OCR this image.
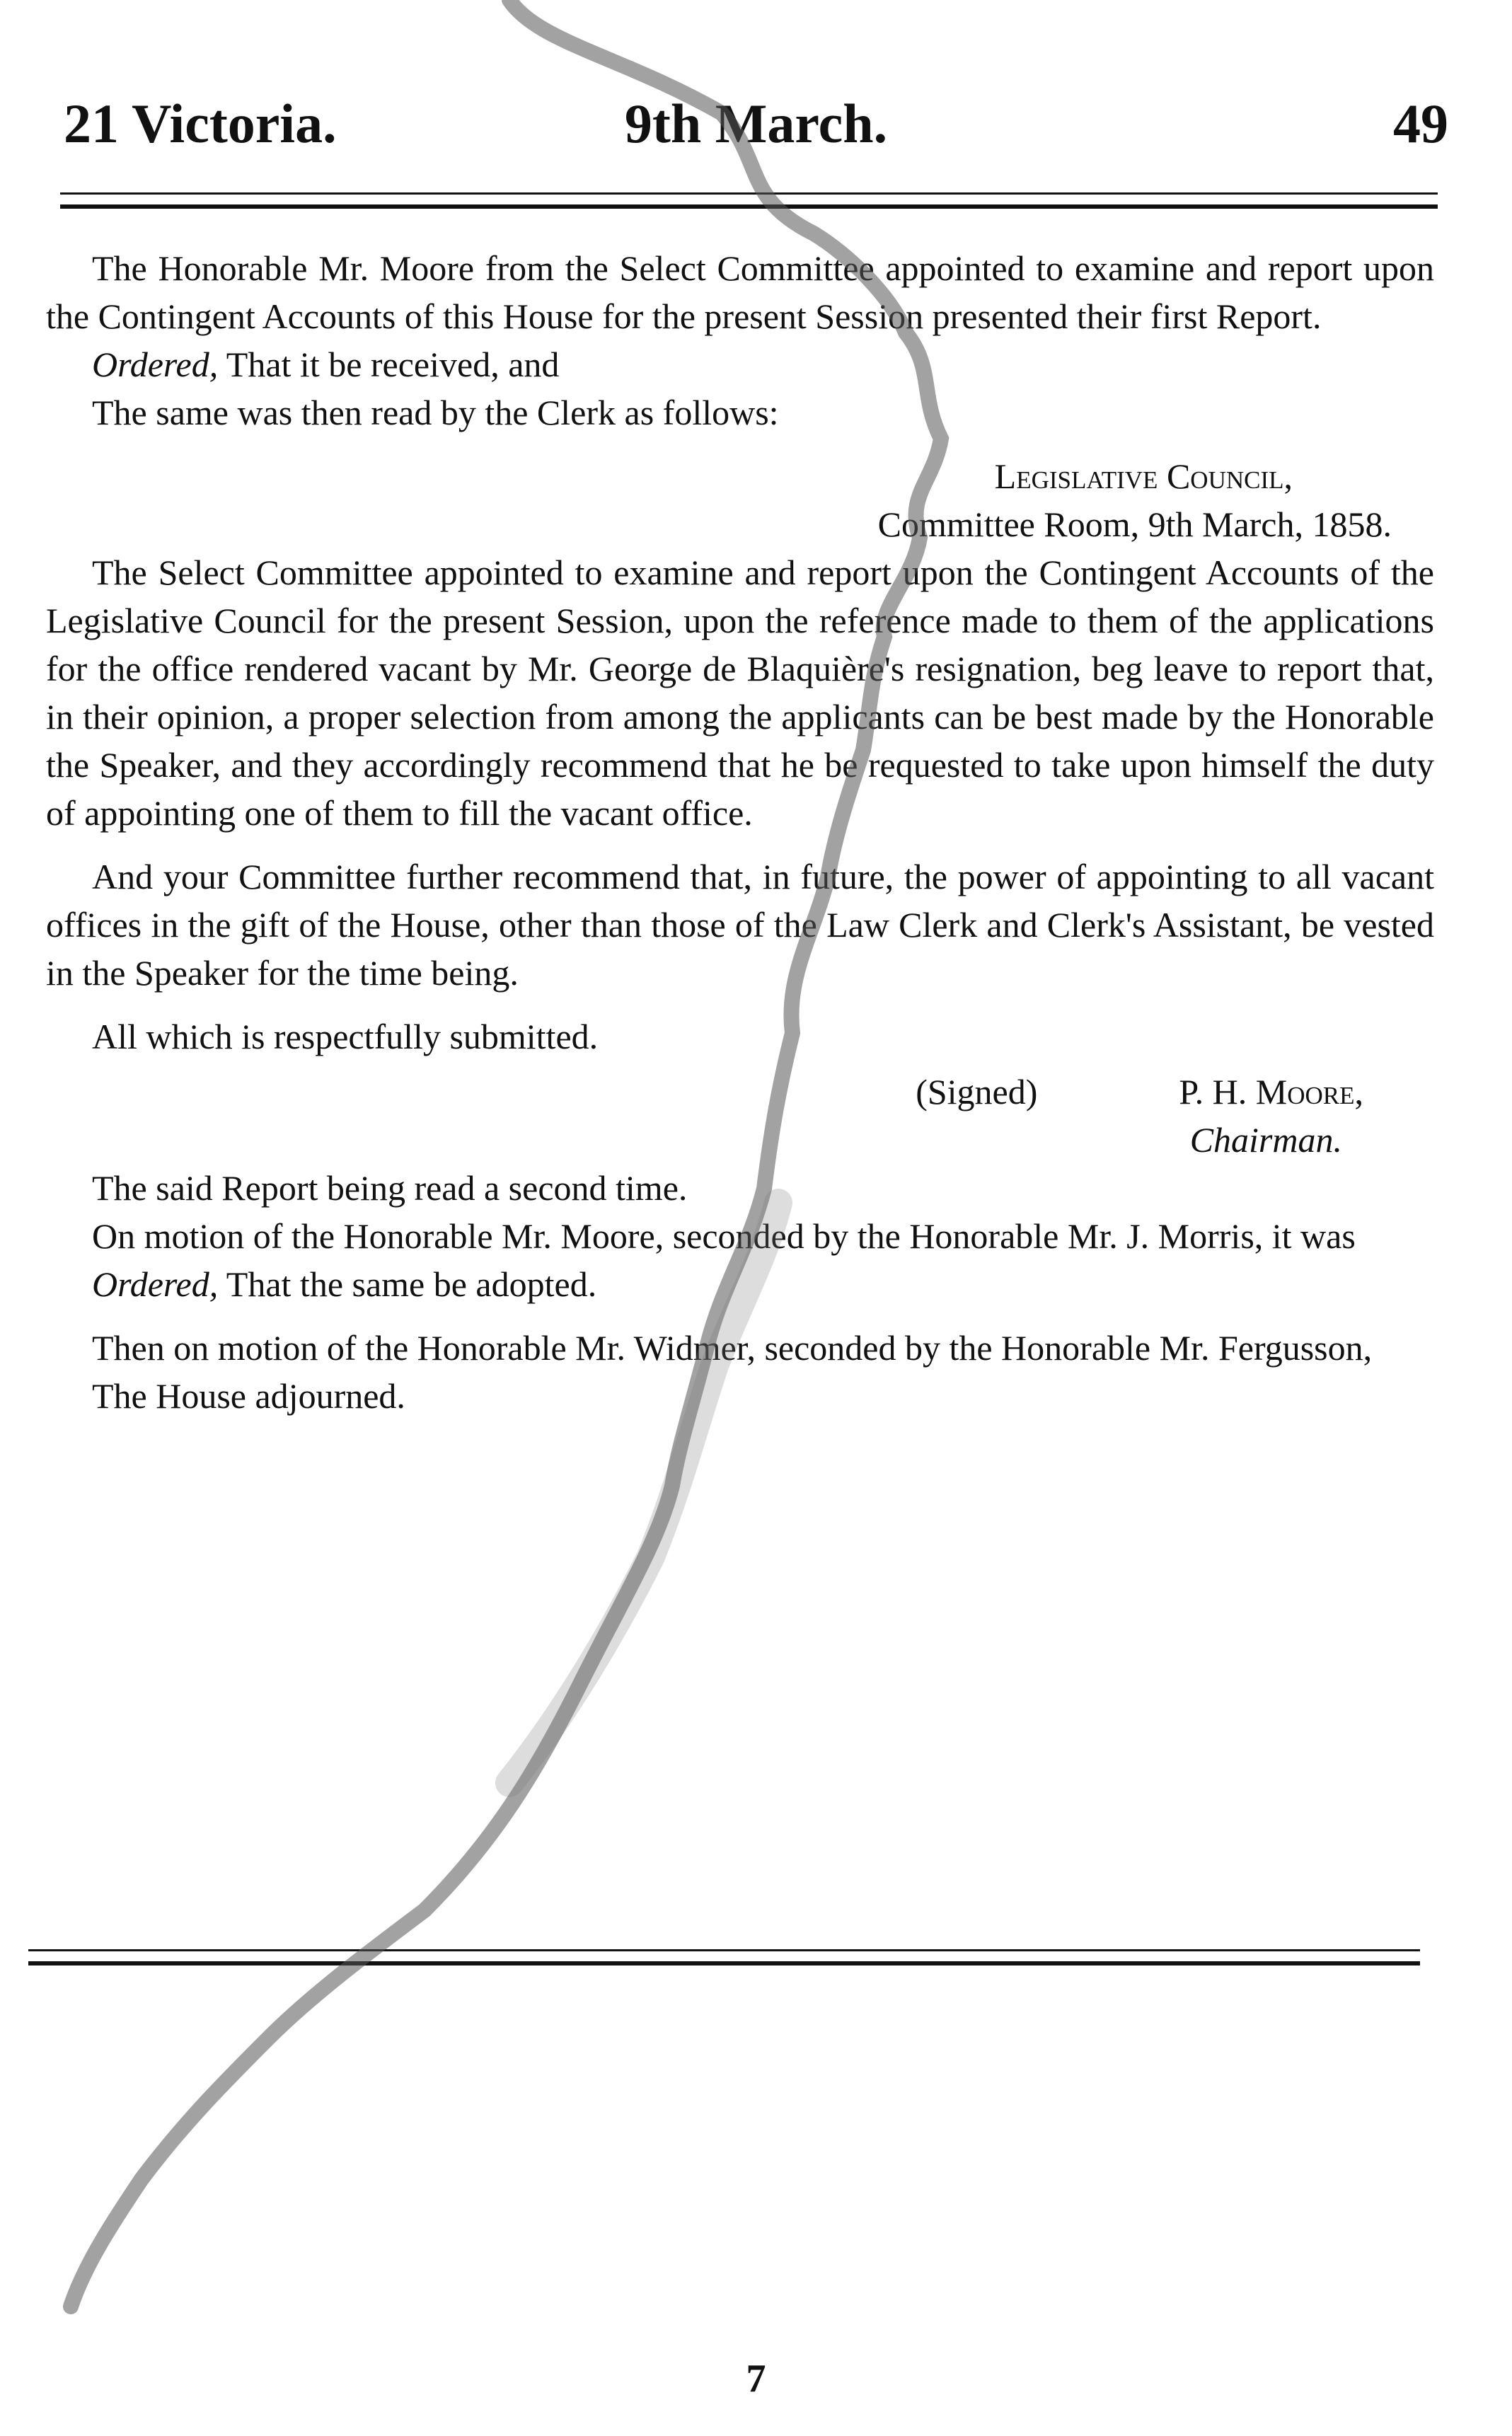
21 Victoria.	9th March.	49

The Honorable Mr. Moore from the Select Committee appointed to examine and report upon the Contingent Accounts of this House for the present Session presented their first Report.

Ordered, That it be received, and

The same was then read by the Clerk as follows:

Legislative Council,

Committee Room, 9th March, 1858.

The Select Committee appointed to examine and report upon the Contingent Accounts of the Legislative Council for the present Session, upon the reference made to them of the applications for the office rendered vacant by Mr. George de Blaquière's resignation, beg leave to report that, in their opinion, a proper selection from among the applicants can be best made by the Honorable the Speaker, and they accordingly recommend that he be requested to take upon himself the duty of appointing one of them to fill the vacant office.

And your Committee further recommend that, in future, the power of appointing to all vacant offices in the gift of the House, other than those of the Law Clerk and Clerk's Assistant, be vested in the Speaker for the time being.

All which is respectfully submitted.

(Signed)	P. H. Moore,
Chairman.

The said Report being read a second time.

On motion of the Honorable Mr. Moore, seconded by the Honorable Mr. J. Morris, it was

Ordered, That the same be adopted.

Then on motion of the Honorable Mr. Widmer, seconded by the Honorable Mr. Fergusson,

The House adjourned.

7
